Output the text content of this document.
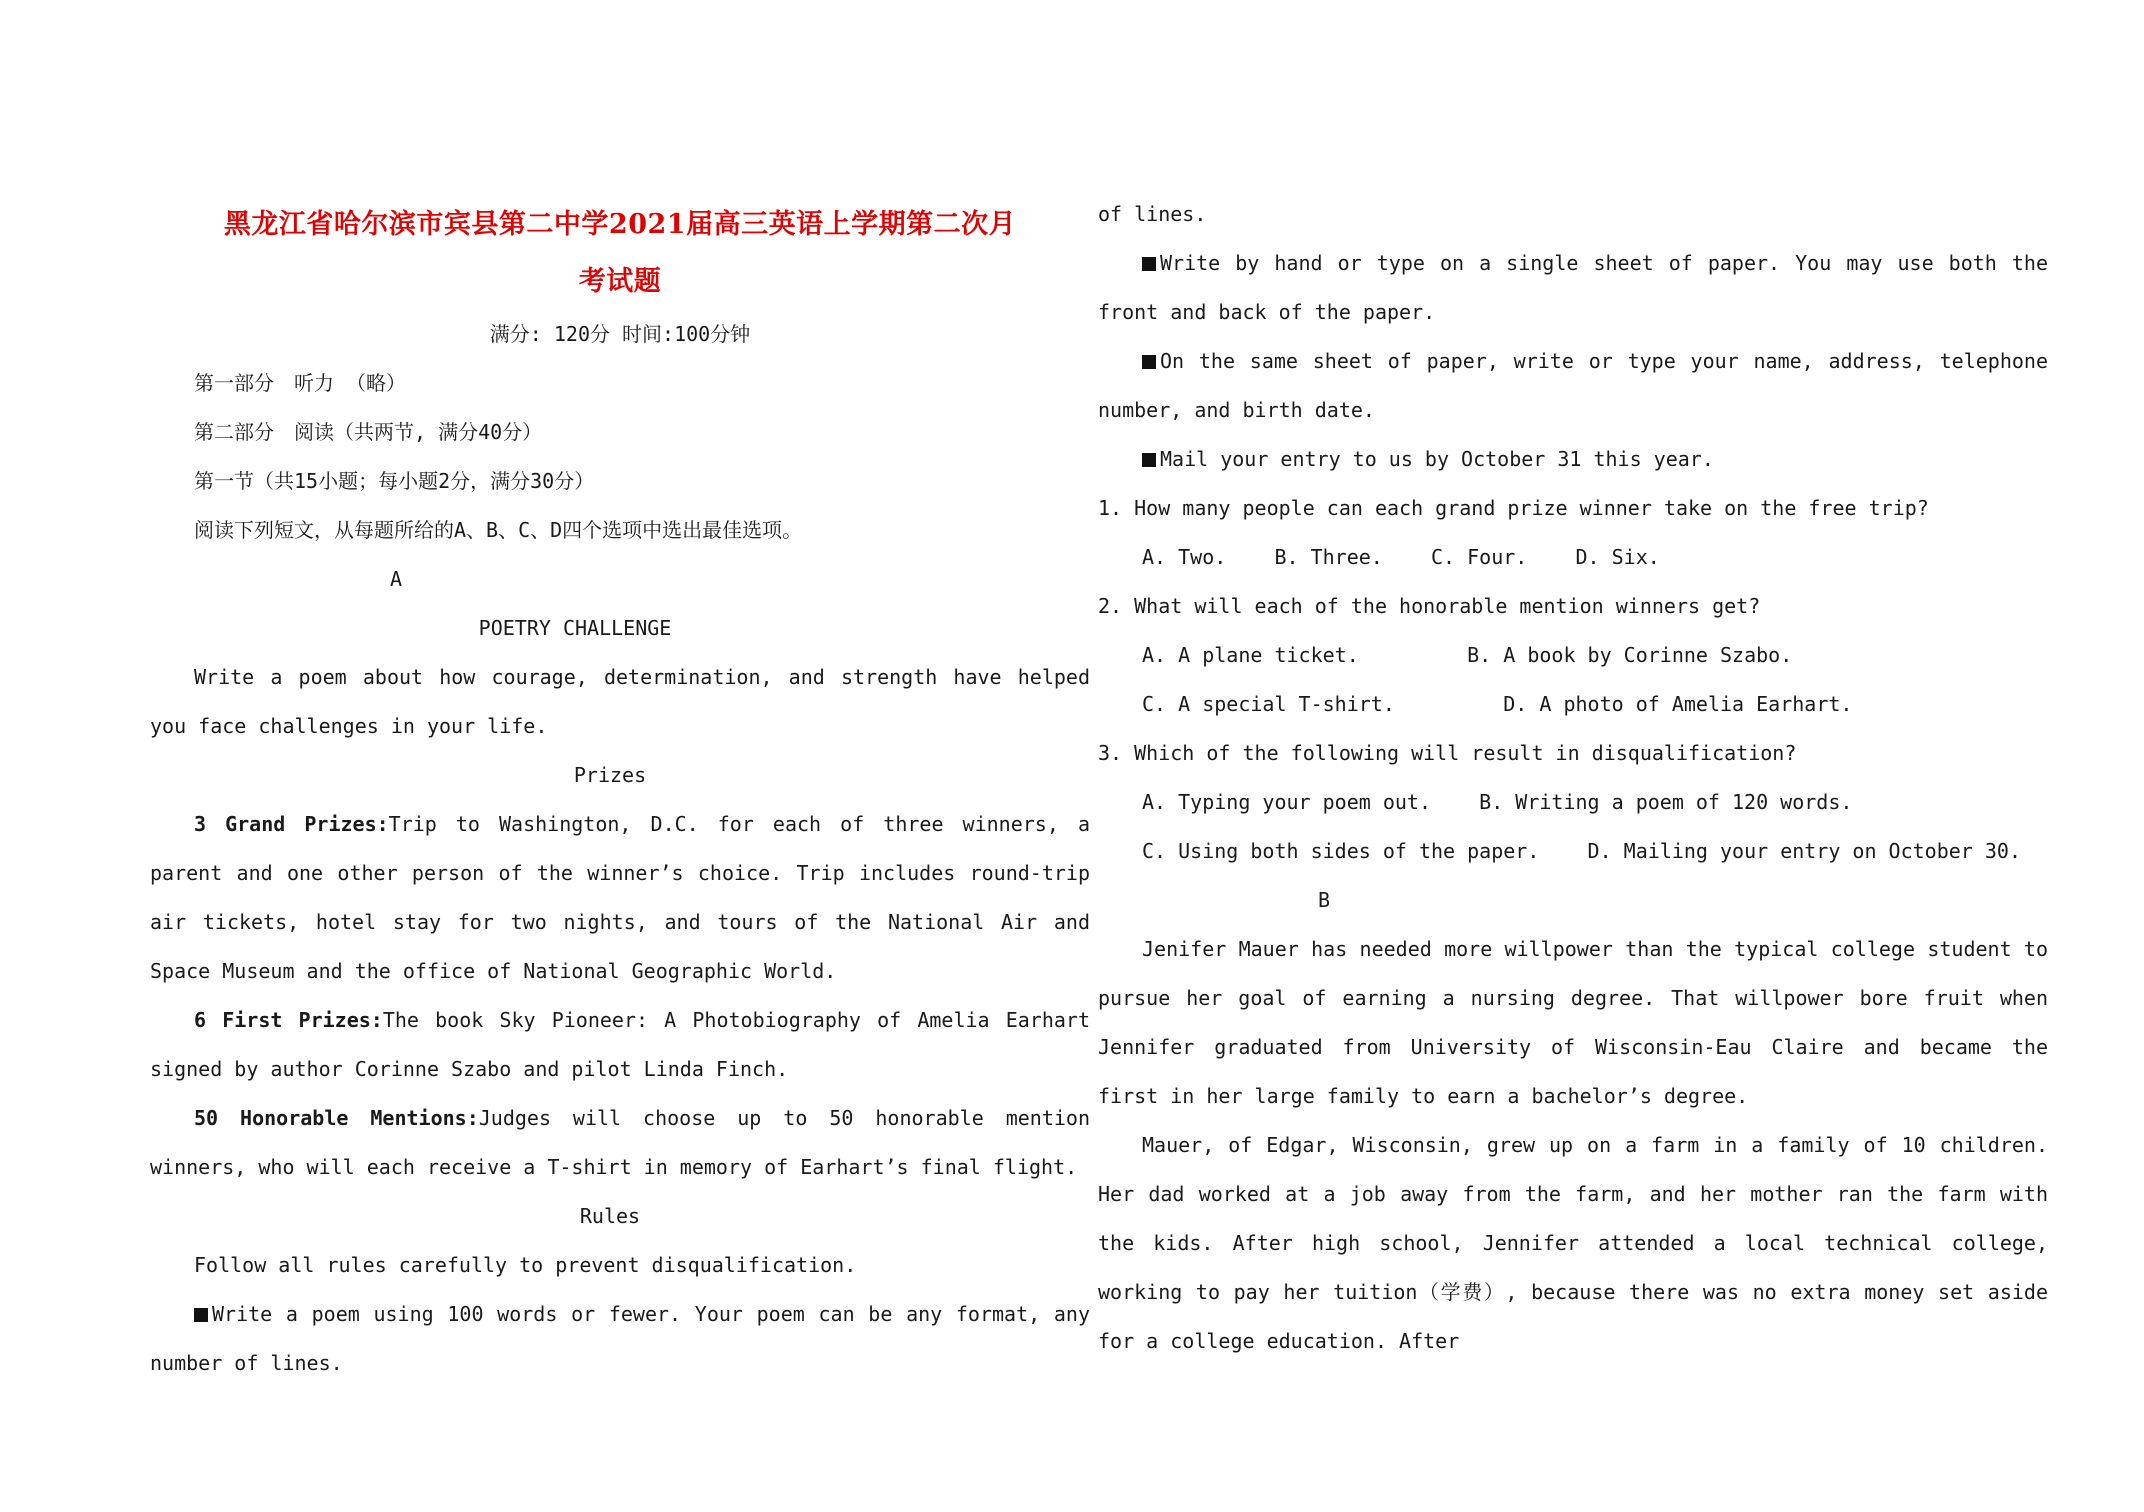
黑龙江省哈尔滨市宾县第二中学2021届高三英语上学期第二次月

考试题

满分: 120分 时间:100分钟

第一部分　听力 （略）

第二部分　阅读（共两节, 满分40分）

第一节（共15小题；每小题2分，满分30分）

阅读下列短文，从每题所给的A、B、C、D四个选项中选出最佳选项。

A

POETRY CHALLENGE

Write a poem about how courage, determination, and strength have helped you face challenges in your life.

Prizes

3 Grand Prizes:Trip to Washington, D.C. for each of three winners, a parent and one other person of the winner’s choice. Trip includes round-trip air tickets, hotel stay for two nights, and tours of the National Air and Space Museum and the office of National Geographic World.

6 First Prizes:The book Sky Pioneer: A Photobiography of Amelia Earhart signed by author Corinne Szabo and pilot Linda Finch.

50 Honorable Mentions:Judges will choose up to 50 honorable mention winners, who will each receive a T-shirt in memory of Earhart’s final flight.

Rules

Follow all rules carefully to prevent disqualification.

Write a poem using 100 words or fewer. Your poem can be any format, any number of lines.

of lines.

Write by hand or type on a single sheet of paper. You may use both the front and back of the paper.

On the same sheet of paper, write or type your name, address, telephone number, and birth date.

Mail your entry to us by October 31 this year.

1. How many people can each grand prize winner take on the free trip?

A. Two. B. Three. C. Four. D. Six.

2. What will each of the honorable mention winners get?

A. A plane ticket.	B. A book by Corinne Szabo.

C. A special T-shirt.	D. A photo of Amelia Earhart.

3. Which of the following will result in disqualification?

A. Typing your poem out. B. Writing a poem of 120 words.

C. Using both sides of the paper. D. Mailing your entry on October 30.

B

Jenifer Mauer has needed more willpower than the typical college student to pursue her goal of earning a nursing degree. That willpower bore fruit when Jennifer graduated from University of Wisconsin-Eau Claire and became the first in her large family to earn a bachelor’s degree.

Mauer, of Edgar, Wisconsin, grew up on a farm in a family of 10 children. Her dad worked at a job away from the farm, and her mother ran the farm with the kids. After high school, Jennifer attended a local technical college, working to pay her tuition（学费）, because there was no extra money set aside for a college education. After
